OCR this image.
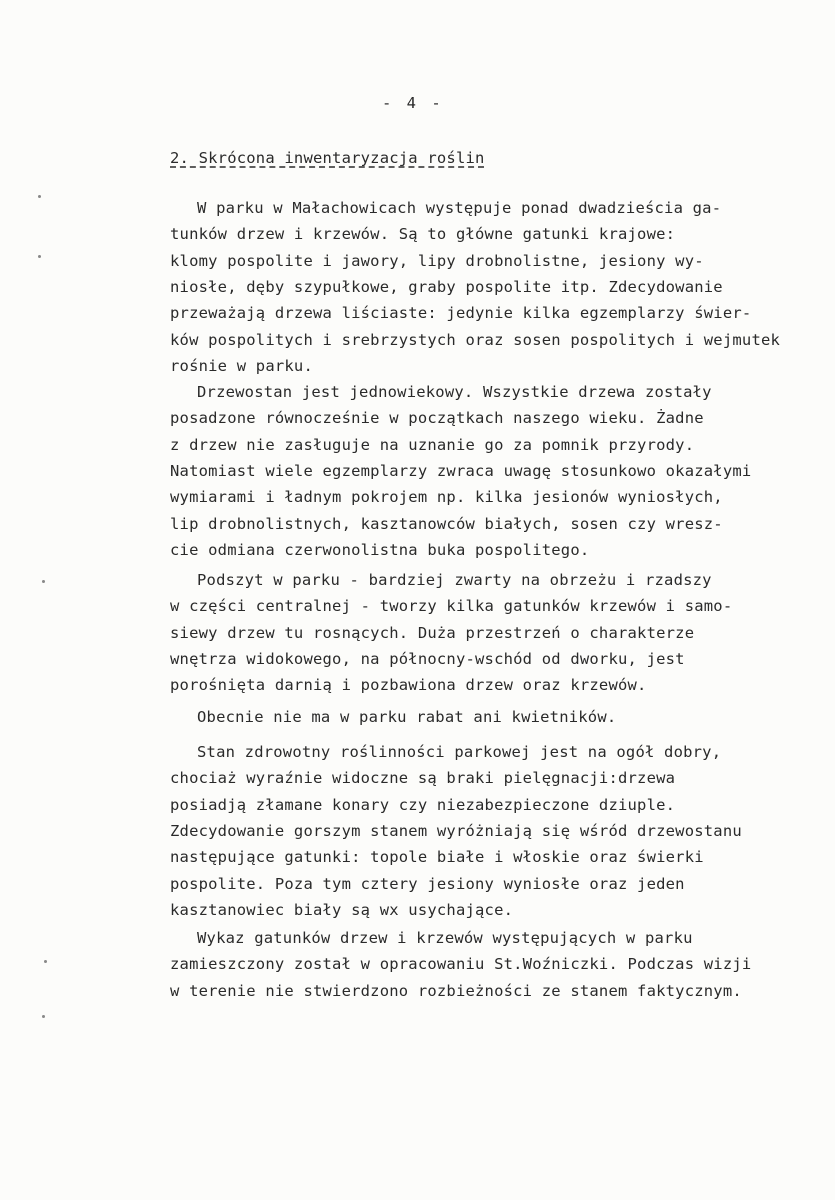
- 4 -
2. Skrócona inwentaryzacja roślin
W parku w Małachowicach występuje ponad dwadzieścia ga-
tunków drzew i krzewów. Są to główne gatunki krajowe:
klomy pospolite i jawory, lipy drobnolistne, jesiony wy-
niosłe, dęby szypułkowe, graby pospolite itp. Zdecydowanie
przeważają drzewa liściaste: jedynie kilka egzemplarzy świer-
ków pospolitych i srebrzystych oraz sosen pospolitych i wejmutek
rośnie w parku.
Drzewostan jest jednowiekowy. Wszystkie drzewa zostały
posadzone równocześnie w początkach naszego wieku. Żadne
z drzew nie zasługuje na uznanie go za pomnik przyrody.
Natomiast wiele egzemplarzy zwraca uwagę stosunkowo okazałymi
wymiarami i ładnym pokrojem np. kilka jesionów wyniosłych,
lip drobnolistnych, kasztanowców białych, sosen czy wresz-
cie odmiana czerwonolistna buka pospolitego.
Podszyt w parku - bardziej zwarty na obrzeżu i rzadszy
w części centralnej - tworzy kilka gatunków krzewów i samo-
siewy drzew tu rosnących. Duża przestrzeń o charakterze
wnętrza widokowego, na północny-wschód od dworku, jest
porośnięta darnią i pozbawiona drzew oraz krzewów.
Obecnie nie ma w parku rabat ani kwietników.
Stan zdrowotny roślinności parkowej jest na ogół dobry,
chociaż wyraźnie widoczne są braki pielęgnacji:drzewa
posiadją złamane konary czy niezabezpieczone dziuple.
Zdecydowanie gorszym stanem wyróżniają się wśród drzewostanu
następujące gatunki: topole białe i włoskie oraz świerki
pospolite. Poza tym cztery jesiony wyniosłe oraz jeden
kasztanowiec biały są wx usychające.
Wykaz gatunków drzew i krzewów występujących w parku
zamieszczony został w opracowaniu St.Woźniczki. Podczas wizji
w terenie nie stwierdzono rozbieżności ze stanem faktycznym.
